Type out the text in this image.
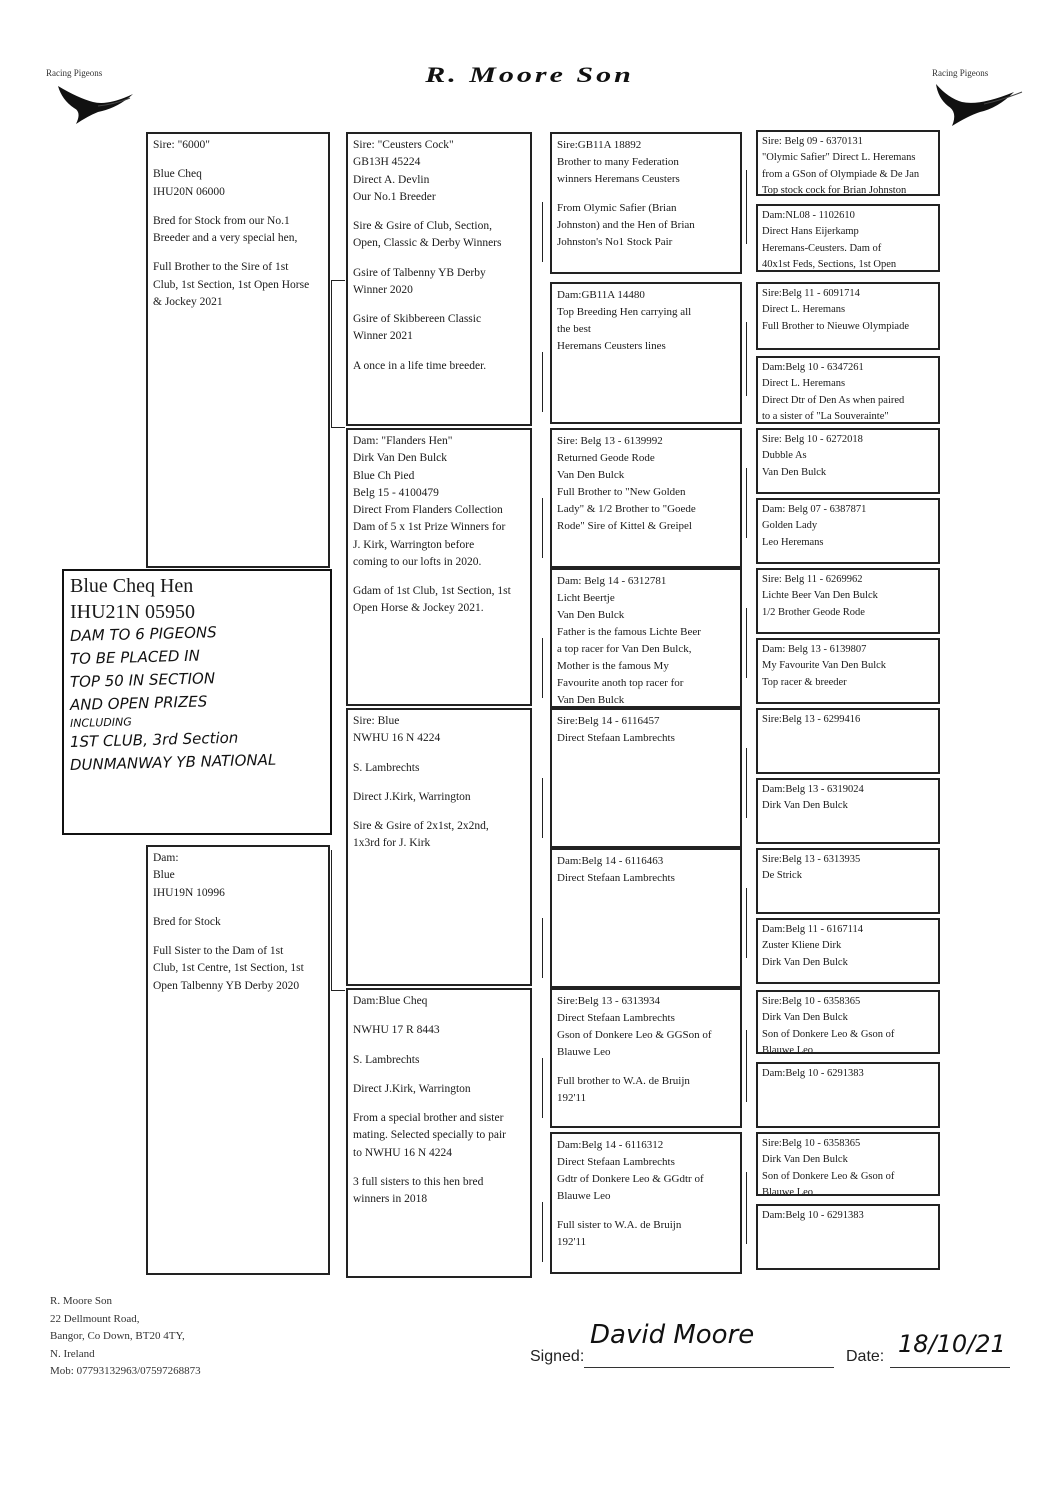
R. Moore Son
Racing Pigeons	Racing Pigeons
Sire: "6000"
Blue Cheq
IHU20N 06000
Bred for Stock from our No.1
Breeder and a very special hen,
Full Brother to the Sire of 1st
Club, 1st Section, 1st Open Horse
& Jockey 2021
Dam:
Blue
IHU19N 10996
Bred for Stock
Full Sister to the Dam of 1st
Club, 1st Centre, 1st Section, 1st
Open Talbenny YB Derby 2020
Blue Cheq Hen
IHU21N 05950
DAM TO 6 PIGEONS
TO BE PLACED IN
TOP 50 IN SECTION
AND OPEN PRIZES
INCLUDING
1ST CLUB, 3rd Section
DUNMANWAY YB NATIONAL
Sire: "Ceusters Cock"
GB13H 45224
Direct A. Devlin
Our No.1 Breeder
Sire & Gsire of Club, Section,
Open, Classic & Derby Winners
Gsire of Talbenny YB Derby
Winner 2020
Gsire of Skibbereen Classic
Winner 2021
A once in a life time breeder.
Dam: "Flanders Hen"
Dirk Van Den Bulck
Blue Ch Pied
Belg 15 - 4100479
Direct From Flanders Collection
Dam of 5 x 1st Prize Winners for
J. Kirk, Warrington before
coming to our lofts in 2020.
Gdam of 1st Club, 1st Section, 1st
Open Horse & Jockey 2021.
Sire: Blue
NWHU 16 N 4224
S. Lambrechts
Direct J.Kirk, Warrington
Sire & Gsire of 2x1st, 2x2nd,
1x3rd for J. Kirk
Dam:Blue Cheq
NWHU 17 R 8443
S. Lambrechts
Direct J.Kirk, Warrington
From a special brother and sister
mating. Selected specially to pair
to NWHU 16 N 4224
3 full sisters to this hen bred
winners in 2018
Sire:GB11A 18892
Brother to many Federation
winners Heremans Ceusters
From Olymic Safier (Brian
Johnston) and the Hen of Brian
Johnston's No1 Stock Pair
Dam:GB11A 14480
Top Breeding Hen carrying all
the best
Heremans Ceusters lines
Sire: Belg 13 - 6139992
Returned Geode Rode
Van Den Bulck
Full Brother to "New Golden
Lady" & 1/2 Brother to "Goede
Rode" Sire of Kittel & Greipel
Dam: Belg 14 - 6312781
Licht Beertje
Van Den Bulck
Father is the famous Lichte Beer
a top racer for Van Den Bulck,
Mother is the famous My
Favourite anoth top racer for
Van Den Bulck
Sire:Belg 14 - 6116457
Direct Stefaan Lambrechts
Dam:Belg 14 - 6116463
Direct Stefaan Lambrechts
Sire:Belg 13 - 6313934
Direct Stefaan Lambrechts
Gson of Donkere Leo & GGSon of
Blauwe Leo
Full brother to W.A. de Bruijn
192'11
Dam:Belg 14 - 6116312
Direct Stefaan Lambrechts
Gdtr of Donkere Leo & GGdtr of
Blauwe Leo
Full sister to W.A. de Bruijn
192'11
Sire: Belg 09 - 6370131
"Olymic Safier" Direct L. Heremans
from a GSon of Olympiade & De Jan
Top stock cock for Brian Johnston
Dam:NL08 - 1102610
Direct Hans Eijerkamp
Heremans-Ceusters. Dam of
40x1st Feds, Sections, 1st Open
Sire:Belg 11 - 6091714
Direct L. Heremans
Full Brother to Nieuwe Olympiade
Dam:Belg 10 - 6347261
Direct L. Heremans
Direct Dtr of Den As when paired
to a sister of "La Souverainte"
Sire: Belg 10 - 6272018
Dubble As
Van Den Bulck
Dam: Belg 07 - 6387871
Golden Lady
Leo Heremans
Sire: Belg 11 - 6269962
Lichte Beer Van Den Bulck
1/2 Brother Geode Rode
Dam: Belg 13 - 6139807
My Favourite Van Den Bulck
Top racer & breeder
Sire:Belg 13 - 6299416
Dam:Belg 13 - 6319024
Dirk Van Den Bulck
Sire:Belg 13 - 6313935
De Strick
Dam:Belg 11 - 6167114
Zuster Kliene Dirk
Dirk Van Den Bulck
Sire:Belg 10 - 6358365
Dirk Van Den Bulck
Son of Donkere Leo & Gson of
Blauwe Leo
Dam:Belg 10 - 6291383
Sire:Belg 10 - 6358365
Dirk Van Den Bulck
Son of Donkere Leo & Gson of
Blauwe Leo
Dam:Belg 10 - 6291383
R. Moore Son
22 Dellmount Road,
Bangor, Co Down, BT20 4TY,
N. Ireland
Mob: 07793132963/07597268873
Signed:
David Moore
Date: 18/10/21
